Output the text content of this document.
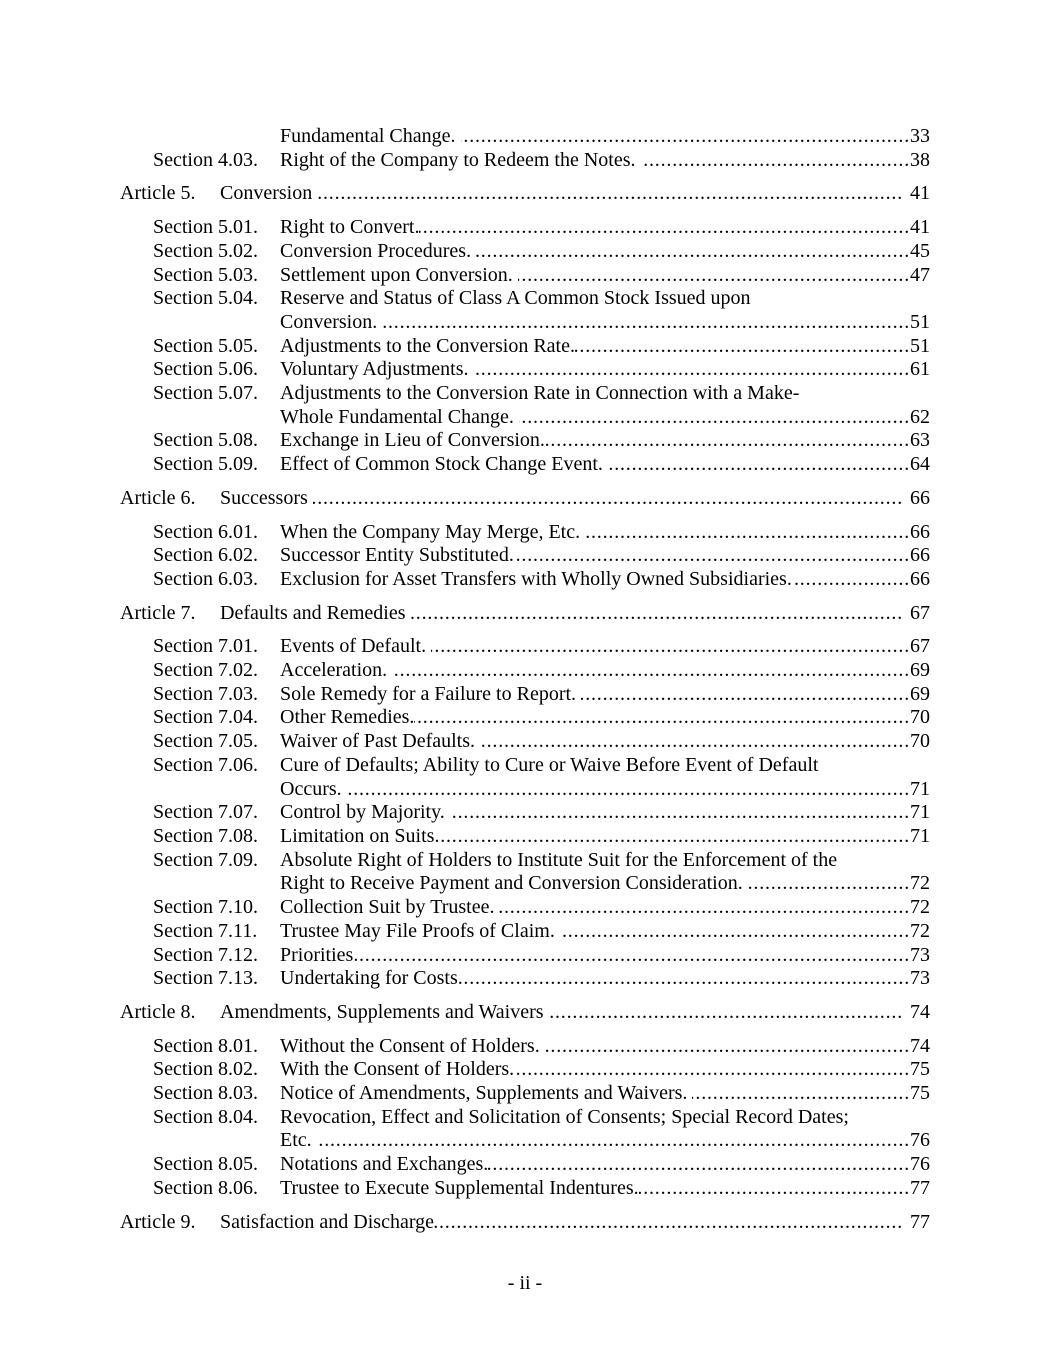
Fundamental Change. .....	33
Section 4.03.	Right of the Company to Redeem the Notes. .....	38
Article 5.	Conversion .....	41
Section 5.01.	Right to Convert. .....	41
Section 5.02.	Conversion Procedures. .....	45
Section 5.03.	Settlement upon Conversion. .....	47
Section 5.04.	Reserve and Status of Class A Common Stock Issued upon
Conversion. .....	51
Section 5.05.	Adjustments to the Conversion Rate. .....	51
Section 5.06.	Voluntary Adjustments. .....	61
Section 5.07.	Adjustments to the Conversion Rate in Connection with a Make-
Whole Fundamental Change. .....	62
Section 5.08.	Exchange in Lieu of Conversion. .....	63
Section 5.09.	Effect of Common Stock Change Event. .....	64
Article 6.	Successors .....	66
Section 6.01.	When the Company May Merge, Etc. .....	66
Section 6.02.	Successor Entity Substituted. .....	66
Section 6.03.	Exclusion for Asset Transfers with Wholly Owned Subsidiaries. .....	66
Article 7.	Defaults and Remedies .....	67
Section 7.01.	Events of Default. .....	67
Section 7.02.	Acceleration. .....	69
Section 7.03.	Sole Remedy for a Failure to Report. .....	69
Section 7.04.	Other Remedies. .....	70
Section 7.05.	Waiver of Past Defaults. .....	70
Section 7.06.	Cure of Defaults; Ability to Cure or Waive Before Event of Default
Occurs. .....	71
Section 7.07.	Control by Majority. .....	71
Section 7.08.	Limitation on Suits. .....	71
Section 7.09.	Absolute Right of Holders to Institute Suit for the Enforcement of the
Right to Receive Payment and Conversion Consideration. .....	72
Section 7.10.	Collection Suit by Trustee. .....	72
Section 7.11.	Trustee May File Proofs of Claim. .....	72
Section 7.12.	Priorities. .....	73
Section 7.13.	Undertaking for Costs. .....	73
Article 8.	Amendments, Supplements and Waivers .....	74
Section 8.01.	Without the Consent of Holders. .....	74
Section 8.02.	With the Consent of Holders. .....	75
Section 8.03.	Notice of Amendments, Supplements and Waivers. .....	75
Section 8.04.	Revocation, Effect and Solicitation of Consents; Special Record Dates;
Etc. .....	76
Section 8.05.	Notations and Exchanges. .....	76
Section 8.06.	Trustee to Execute Supplemental Indentures. .....	77
Article 9.	Satisfaction and Discharge .....	77
- ii -
